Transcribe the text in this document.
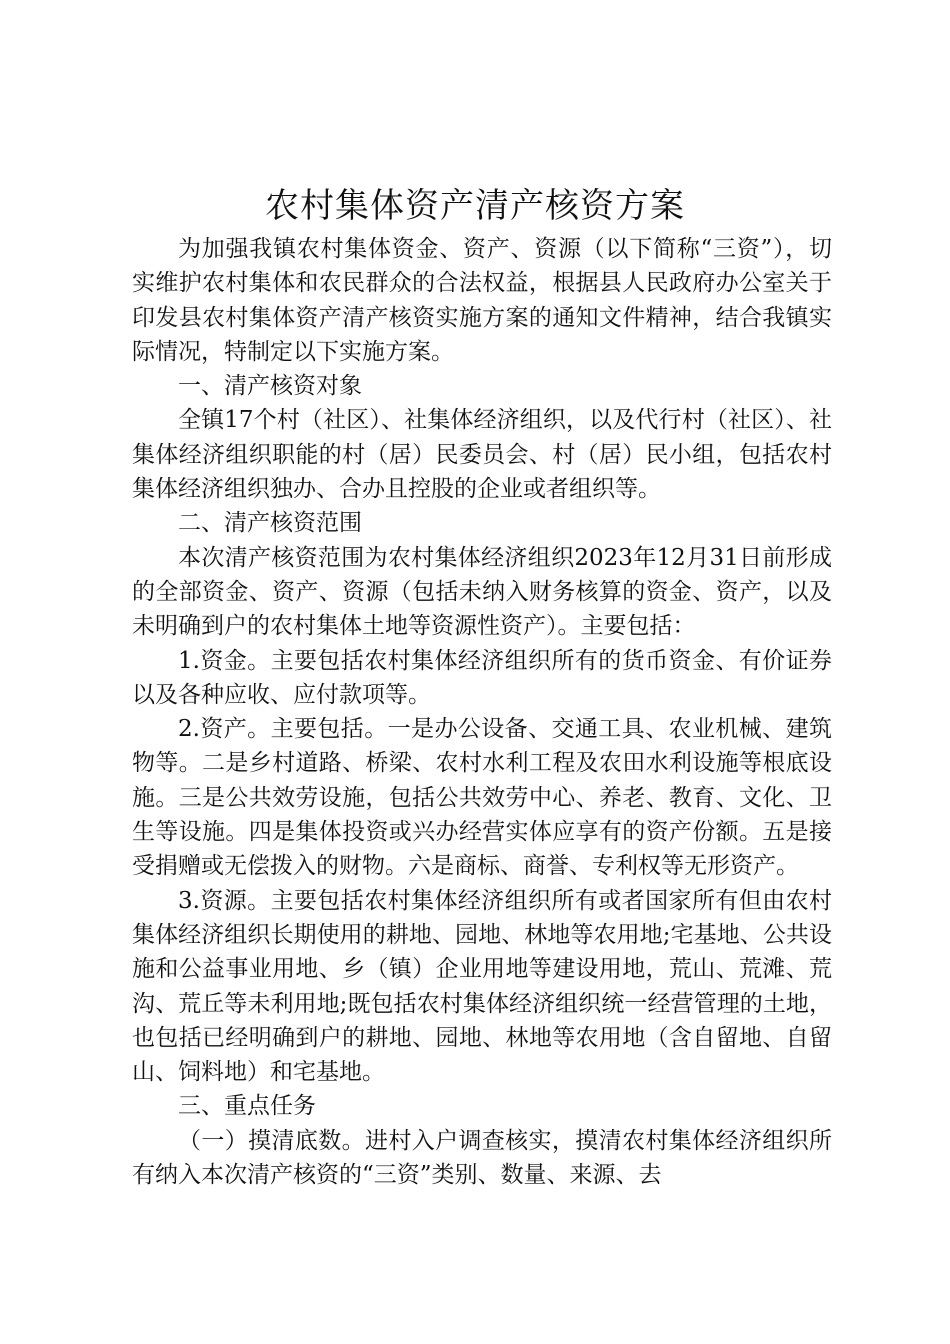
农村集体资产清产核资方案

为加强我镇农村集体资金、资产、资源（以下简称“三资”），切实维护农村集体和农民群众的合法权益，根据县人民政府办公室关于印发县农村集体资产清产核资实施方案的通知文件精神，结合我镇实际情况，特制定以下实施方案。

一、清产核资对象

全镇17个村（社区）、社集体经济组织，以及代行村（社区）、社集体经济组织职能的村（居）民委员会、村（居）民小组，包括农村集体经济组织独办、合办且控股的企业或者组织等。

二、清产核资范围

本次清产核资范围为农村集体经济组织2023年12月31日前形成的全部资金、资产、资源（包括未纳入财务核算的资金、资产，以及未明确到户的农村集体土地等资源性资产）。主要包括：

1.资金。主要包括农村集体经济组织所有的货币资金、有价证券以及各种应收、应付款项等。

2.资产。主要包括。一是办公设备、交通工具、农业机械、建筑物等。二是乡村道路、桥梁、农村水利工程及农田水利设施等根底设施。三是公共效劳设施，包括公共效劳中心、养老、教育、文化、卫生等设施。四是集体投资或兴办经营实体应享有的资产份额。五是接受捐赠或无偿拨入的财物。六是商标、商誉、专利权等无形资产。

3.资源。主要包括农村集体经济组织所有或者国家所有但由农村集体经济组织长期使用的耕地、园地、林地等农用地;宅基地、公共设施和公益事业用地、乡（镇）企业用地等建设用地，荒山、荒滩、荒沟、荒丘等未利用地;既包括农村集体经济组织统一经营管理的土地，也包括已经明确到户的耕地、园地、林地等农用地（含自留地、自留山、饲料地）和宅基地。

三、重点任务

（一）摸清底数。进村入户调查核实，摸清农村集体经济组织所有纳入本次清产核资的“三资”类别、数量、来源、去
